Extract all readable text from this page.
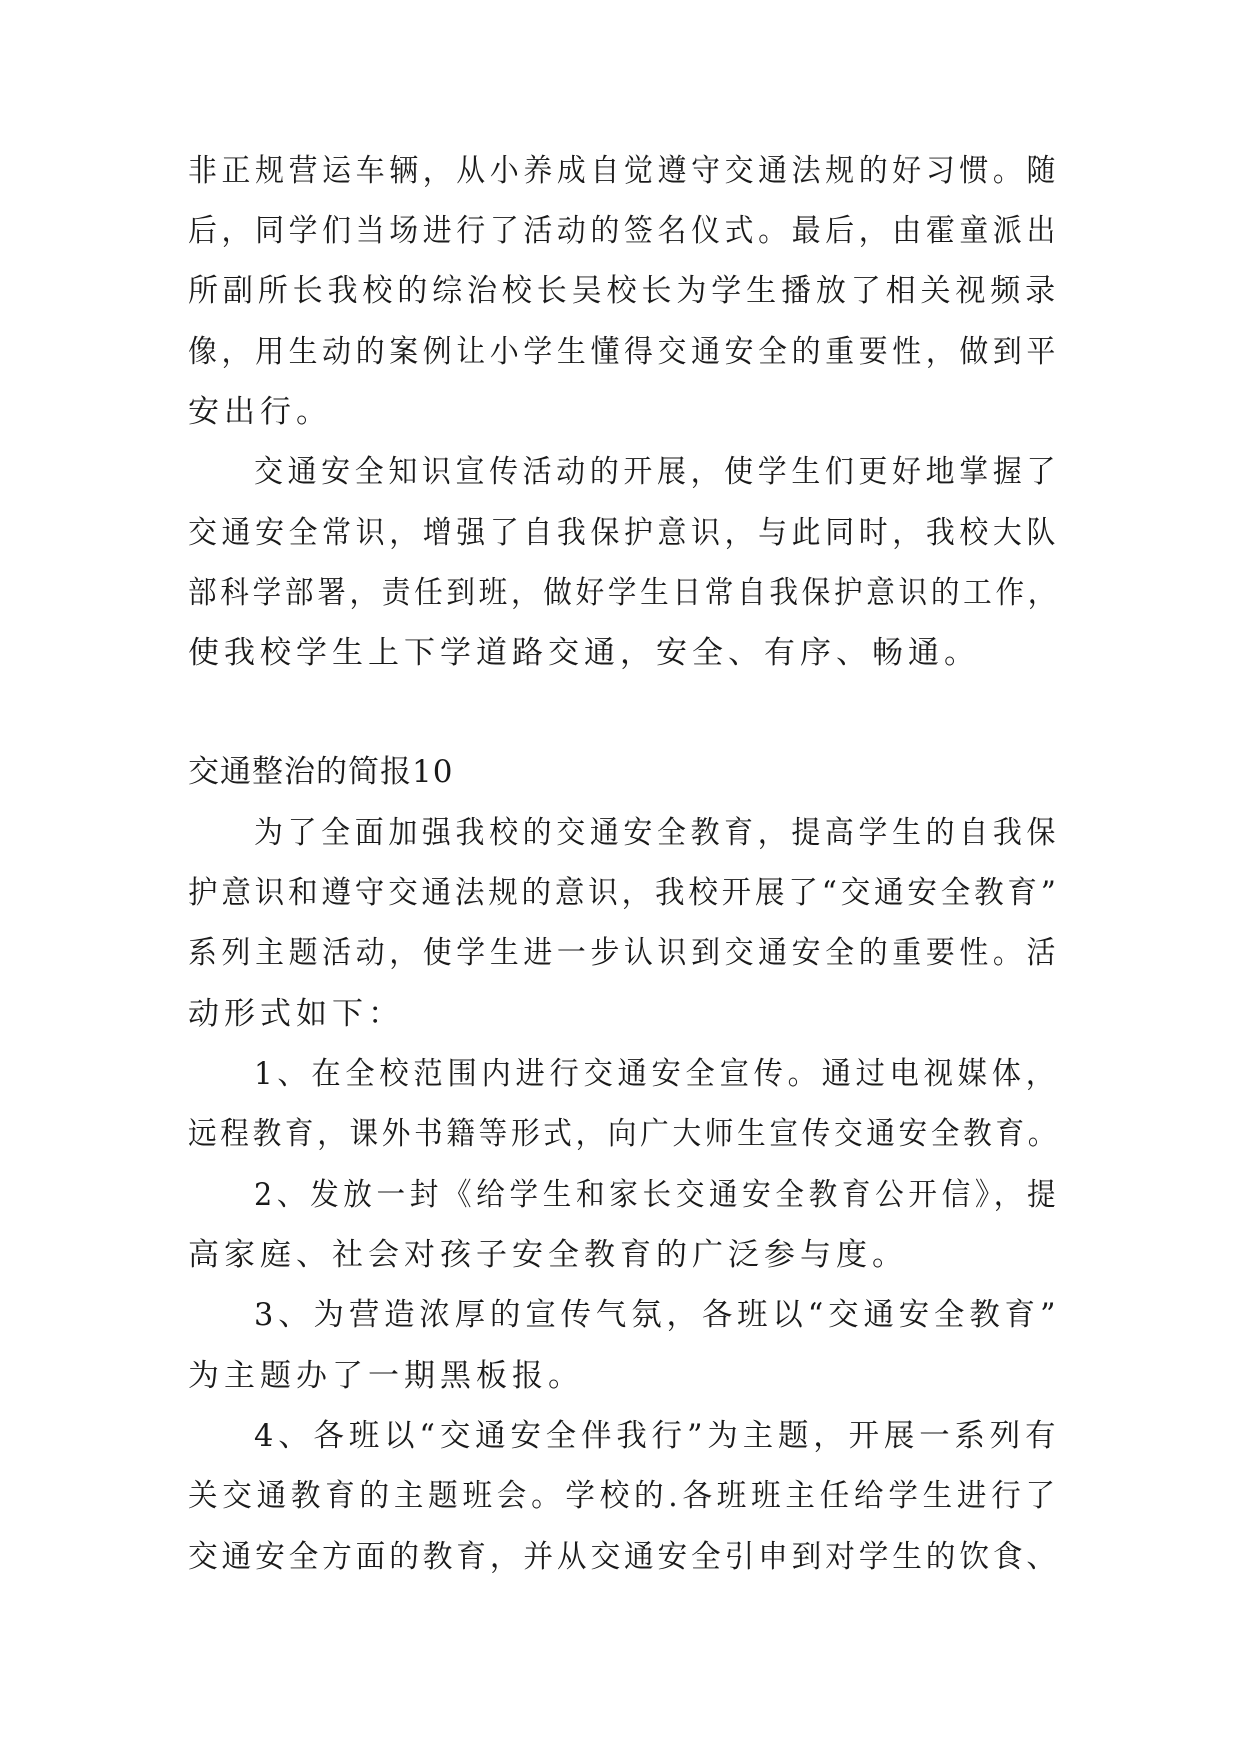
非正规营运车辆，从小养成自觉遵守交通法规的好习惯。随
后，同学们当场进行了活动的签名仪式。最后，由霍童派出
所副所长我校的综治校长吴校长为学生播放了相关视频录
像，用生动的案例让小学生懂得交通安全的重要性，做到平
安出行。
交通安全知识宣传活动的开展，使学生们更好地掌握了
交通安全常识，增强了自我保护意识，与此同时，我校大队
部科学部署，责任到班，做好学生日常自我保护意识的工作，
使我校学生上下学道路交通，安全、有序、畅通。
交通整治的简报10
为了全面加强我校的交通安全教育，提高学生的自我保
护意识和遵守交通法规的意识，我校开展了“交通安全教育”
系列主题活动，使学生进一步认识到交通安全的重要性。活
动形式如下：
1、在全校范围内进行交通安全宣传。通过电视媒体，
远程教育，课外书籍等形式，向广大师生宣传交通安全教育。
2、发放一封《给学生和家长交通安全教育公开信》，提
高家庭、社会对孩子安全教育的广泛参与度。
3、为营造浓厚的宣传气氛，各班以“交通安全教育”
为主题办了一期黑板报。
4、各班以“交通安全伴我行”为主题，开展一系列有
关交通教育的主题班会。学校的.各班班主任给学生进行了
交通安全方面的教育，并从交通安全引申到对学生的饮食、
